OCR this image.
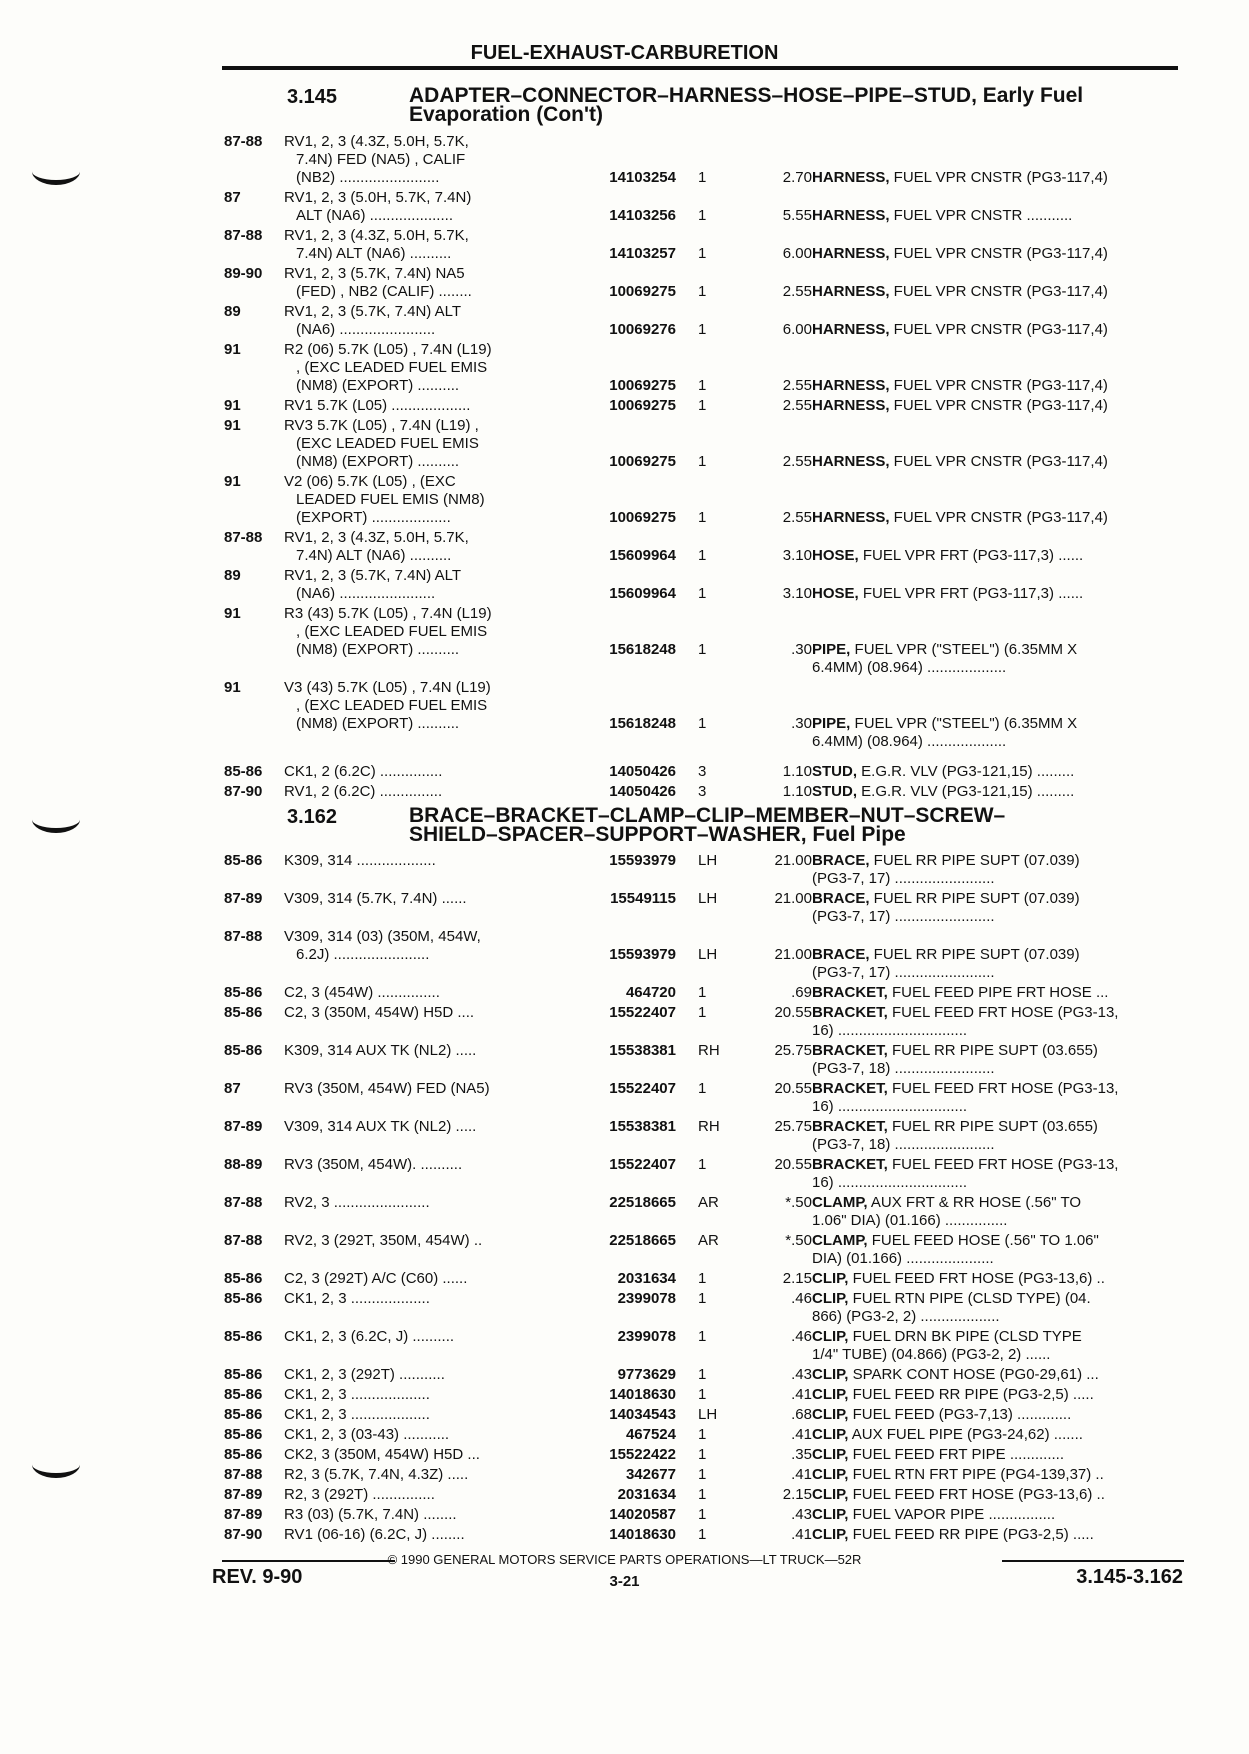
FUEL-EXHAUST-CARBURETION
3.145	ADAPTER–CONNECTOR–HARNESS–HOSE–PIPE–STUD, Early Fuel
Evaporation (Con't)
87-88 RV1, 2, 3 (4.3Z, 5.0H, 5.7K,
7.4N) FED (NA5) , CALIF
(NB2) ........................	14103254	1	2.70 HARNESS, FUEL VPR CNSTR (PG3-117,4)
87	RV1, 2, 3 (5.0H, 5.7K, 7.4N)
ALT (NA6) ....................	14103256	1	5.55 HARNESS, FUEL VPR CNSTR ...........
87-88 RV1, 2, 3 (4.3Z, 5.0H, 5.7K,
7.4N) ALT (NA6) ..........	14103257	1	6.00 HARNESS, FUEL VPR CNSTR (PG3-117,4)
89-90 RV1, 2, 3 (5.7K, 7.4N) NA5
(FED) , NB2 (CALIF) ........	10069275	1	2.55 HARNESS, FUEL VPR CNSTR (PG3-117,4)
89	RV1, 2, 3 (5.7K, 7.4N) ALT
(NA6) .......................	10069276	1	6.00 HARNESS, FUEL VPR CNSTR (PG3-117,4)
91	R2 (06) 5.7K (L05) , 7.4N (L19)
, (EXC LEADED FUEL EMIS
(NM8) (EXPORT) ..........	10069275	1	2.55 HARNESS, FUEL VPR CNSTR (PG3-117,4)
91	RV1 5.7K (L05) ...................	10069275	1	2.55 HARNESS, FUEL VPR CNSTR (PG3-117,4)
91	RV3 5.7K (L05) , 7.4N (L19) ,
(EXC LEADED FUEL EMIS
(NM8) (EXPORT) ..........	10069275	1	2.55 HARNESS, FUEL VPR CNSTR (PG3-117,4)
91	V2 (06) 5.7K (L05) , (EXC
LEADED FUEL EMIS (NM8)
(EXPORT) ...................	10069275	1	2.55 HARNESS, FUEL VPR CNSTR (PG3-117,4)
87-88 RV1, 2, 3 (4.3Z, 5.0H, 5.7K,
7.4N) ALT (NA6) ..........	15609964	1	3.10 HOSE, FUEL VPR FRT (PG3-117,3) ......
89	RV1, 2, 3 (5.7K, 7.4N) ALT
(NA6) .......................	15609964	1	3.10 HOSE, FUEL VPR FRT (PG3-117,3) ......
91	R3 (43) 5.7K (L05) , 7.4N (L19)
, (EXC LEADED FUEL EMIS
(NM8) (EXPORT) ..........	15618248	1	.30 PIPE, FUEL VPR ("STEEL") (6.35MM X
6.4MM) (08.964) ...................
91	V3 (43) 5.7K (L05) , 7.4N (L19)
, (EXC LEADED FUEL EMIS
(NM8) (EXPORT) ..........	15618248	1	.30 PIPE, FUEL VPR ("STEEL") (6.35MM X
6.4MM) (08.964) ...................
85-86 CK1, 2 (6.2C) ...............	14050426	3	1.10 STUD, E.G.R. VLV (PG3-121,15) .........
87-90 RV1, 2 (6.2C) ...............	14050426	3	1.10 STUD, E.G.R. VLV (PG3-121,15) .........
3.162	BRACE–BRACKET–CLAMP–CLIP–MEMBER–NUT–SCREW–
SHIELD–SPACER–SUPPORT–WASHER, Fuel Pipe
85-86 K309, 314 ...................	15593979	LH	21.00 BRACE, FUEL RR PIPE SUPT (07.039)
(PG3-7, 17) ........................
87-89 V309, 314 (5.7K, 7.4N) ......	15549115	LH	21.00 BRACE, FUEL RR PIPE SUPT (07.039)
(PG3-7, 17) ........................
87-88 V309, 314 (03) (350M, 454W,
6.2J) .......................	15593979	LH	21.00 BRACE, FUEL RR PIPE SUPT (07.039)
(PG3-7, 17) ........................
85-86 C2, 3 (454W) ...............	464720	1	.69 BRACKET, FUEL FEED PIPE FRT HOSE ...
85-86 C2, 3 (350M, 454W) H5D ....	15522407	1	20.55 BRACKET, FUEL FEED FRT HOSE (PG3-13,
16) ...............................
85-86 K309, 314 AUX TK (NL2) .....	15538381	RH	25.75 BRACKET, FUEL RR PIPE SUPT (03.655)
(PG3-7, 18) ........................
87	RV3 (350M, 454W) FED (NA5)	15522407	1	20.55 BRACKET, FUEL FEED FRT HOSE (PG3-13,
16) ...............................
87-89 V309, 314 AUX TK (NL2) .....	15538381	RH	25.75 BRACKET, FUEL RR PIPE SUPT (03.655)
(PG3-7, 18) ........................
88-89 RV3 (350M, 454W). ..........	15522407	1	20.55 BRACKET, FUEL FEED FRT HOSE (PG3-13,
16) ...............................
87-88 RV2, 3 .......................	22518665	AR	*.50 CLAMP, AUX FRT & RR HOSE (.56" TO
1.06" DIA) (01.166) ...............
87-88 RV2, 3 (292T, 350M, 454W) ..	22518665	AR	*.50 CLAMP, FUEL FEED HOSE (.56" TO 1.06"
DIA) (01.166) .....................
85-86 C2, 3 (292T) A/C (C60) ......	2031634	1	2.15 CLIP, FUEL FEED FRT HOSE (PG3-13,6) ..
85-86 CK1, 2, 3 ...................	2399078	1	.46 CLIP, FUEL RTN PIPE (CLSD TYPE) (04.
866) (PG3-2, 2) ...................
85-86 CK1, 2, 3 (6.2C, J) ..........	2399078	1	.46 CLIP, FUEL DRN BK PIPE (CLSD TYPE
1/4" TUBE) (04.866) (PG3-2, 2) ......
85-86 CK1, 2, 3 (292T) ...........	9773629	1	.43 CLIP, SPARK CONT HOSE (PG0-29,61) ...
85-86 CK1, 2, 3 ...................	14018630	1	.41 CLIP, FUEL FEED RR PIPE (PG3-2,5) .....
85-86 CK1, 2, 3 ...................	14034543	LH	.68 CLIP, FUEL FEED (PG3-7,13) .............
85-86 CK1, 2, 3 (03-43) ...........	467524	1	.41 CLIP, AUX FUEL PIPE (PG3-24,62) .......
85-86 CK2, 3 (350M, 454W) H5D ...	15522422	1	.35 CLIP, FUEL FEED FRT PIPE .............
87-88 R2, 3 (5.7K, 7.4N, 4.3Z) .....	342677	1	.41 CLIP, FUEL RTN FRT PIPE (PG4-139,37) ..
87-89 R2, 3 (292T) ...............	2031634	1	2.15 CLIP, FUEL FEED FRT HOSE (PG3-13,6) ..
87-89 R3 (03) (5.7K, 7.4N) ........	14020587	1	.43 CLIP, FUEL VAPOR PIPE ................
87-90 RV1 (06-16) (6.2C, J) ........	14018630	1	.41 CLIP, FUEL FEED RR PIPE (PG3-2,5) .....
© 1990 GENERAL MOTORS SERVICE PARTS OPERATIONS—LT TRUCK—52R
REV. 9-90	3-21	3.145-3.162
